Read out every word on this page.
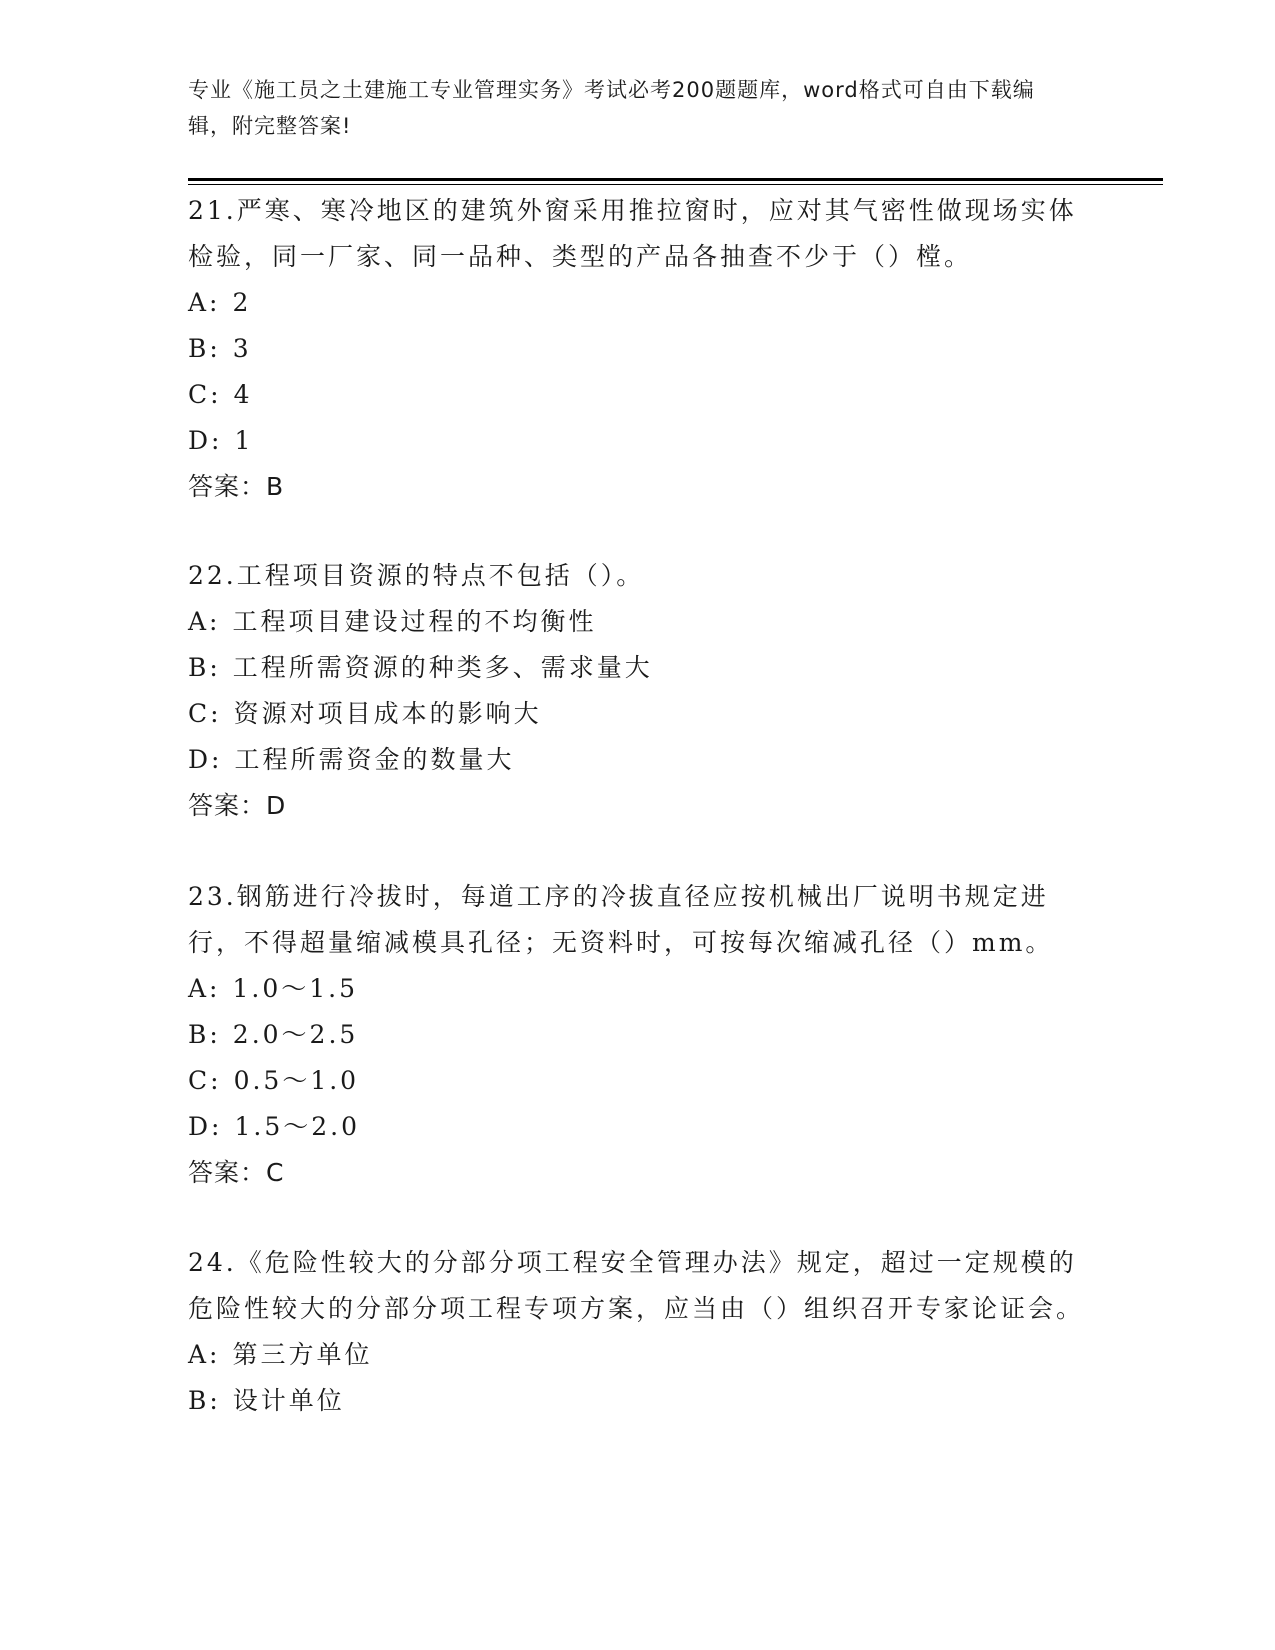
专业《施工员之土建施工专业管理实务》考试必考200题题库，word格式可自由下载编辑，附完整答案!

21.严寒、寒冷地区的建筑外窗采用推拉窗时，应对其气密性做现场实体检验，同一厂家、同一品种、类型的产品各抽查不少于（）樘。

A: 2

B: 3

C: 4

D: 1

答案：B

22.工程项目资源的特点不包括（）。

A: 工程项目建设过程的不均衡性

B: 工程所需资源的种类多、需求量大

C: 资源对项目成本的影响大

D: 工程所需资金的数量大

答案：D

23.钢筋进行冷拔时，每道工序的冷拔直径应按机械出厂说明书规定进行，不得超量缩减模具孔径；无资料时，可按每次缩减孔径（）mm。

A: 1.0～1.5

B: 2.0～2.5

C: 0.5～1.0

D: 1.5～2.0

答案：C

24.《危险性较大的分部分项工程安全管理办法》规定，超过一定规模的危险性较大的分部分项工程专项方案，应当由（）组织召开专家论证会。

A: 第三方单位

B: 设计单位
